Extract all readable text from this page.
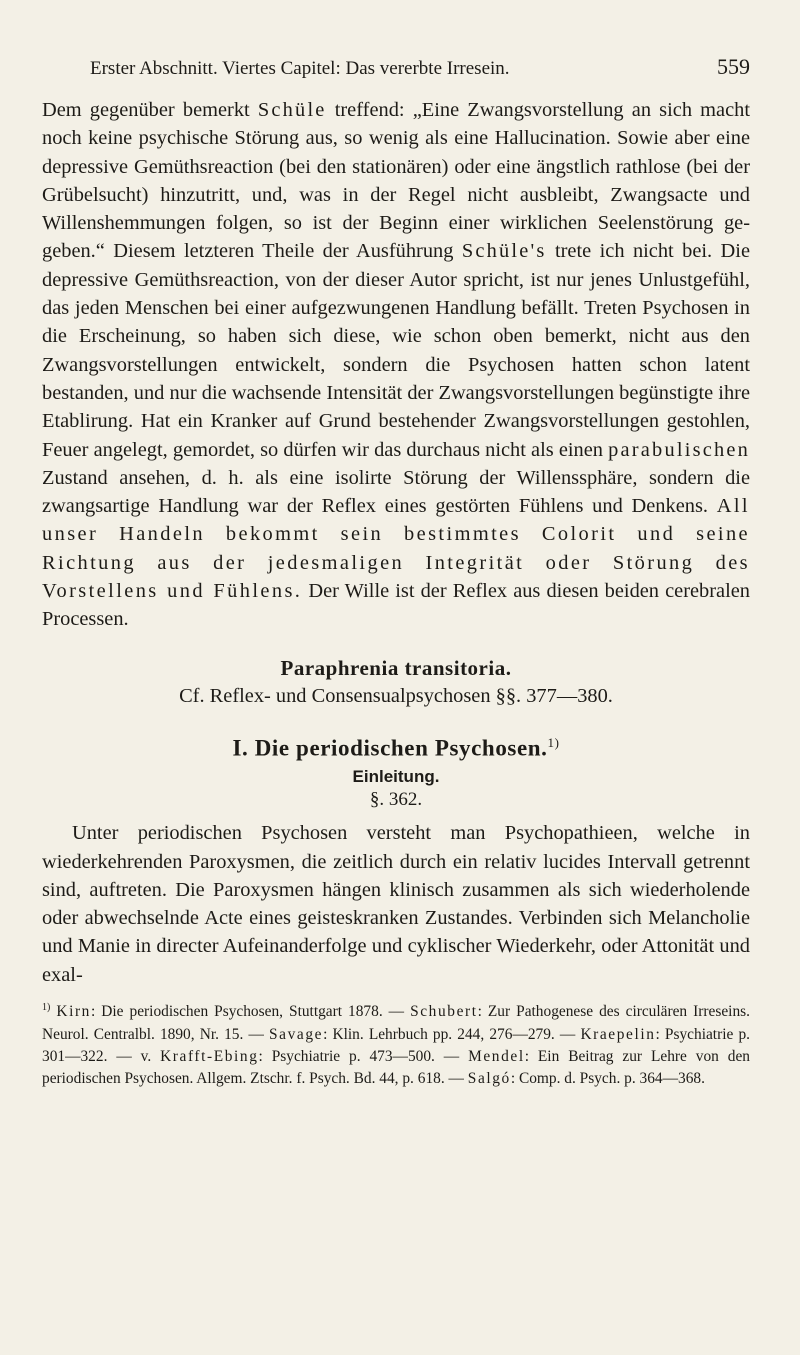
Erster Abschnitt. Viertes Capitel: Das vererbte Irresein.	559

Dem gegenüber bemerkt Schüle treffend: „Eine Zwangsvorstellung an sich macht noch keine psychische Störung aus, so wenig als eine Hallucination. Sowie aber eine depressive Gemüthsreaction (bei den stationären) oder eine ängstlich rathlose (bei der Grübelsucht) hinzutritt, und, was in der Regel nicht ausbleibt, Zwangsacte und Willenshemmungen folgen, so ist der Beginn einer wirklichen Seelenstörung gegeben.“ Diesem letzteren Theile der Ausführung Schüle's trete ich nicht bei. Die depressive Gemüthsreaction, von der dieser Autor spricht, ist nur jenes Unlustgefühl, das jeden Menschen bei einer aufgezwungenen Handlung befällt. Treten Psychosen in die Erscheinung, so haben sich diese, wie schon oben bemerkt, nicht aus den Zwangsvorstellungen entwickelt, sondern die Psychosen hatten schon latent bestanden, und nur die wachsende Intensität der Zwangsvorstellungen begünstigte ihre Etablirung. Hat ein Kranker auf Grund bestehender Zwangsvorstellungen gestohlen, Feuer angelegt, gemordet, so dürfen wir das durchaus nicht als einen parabulischen Zustand ansehen, d. h. als eine isolirte Störung der Willenssphäre, sondern die zwangsartige Handlung war der Reflex eines gestörten Fühlens und Denkens. All unser Handeln bekommt sein bestimmtes Colorit und seine Richtung aus der jedesmaligen Integrität oder Störung des Vorstellens und Fühlens. Der Wille ist der Reflex aus diesen beiden cerebralen Processen.

Paraphrenia transitoria.
Cf. Reflex- und Consensualpsychosen §§. 377—380.
I. Die periodischen Psychosen.$^{1)}$
Einleitung.
§. 362.

Unter periodischen Psychosen versteht man Psychopathieen, welche in wiederkehrenden Paroxysmen, die zeitlich durch ein relativ lucides Intervall getrennt sind, auftreten. Die Paroxysmen hängen klinisch zusammen als sich wiederholende oder abwechselnde Acte eines geisteskranken Zustandes. Verbinden sich Melancholie und Manie in directer Aufeinanderfolge und cyklischer Wiederkehr, oder Attonität und exal-

$^{1)}$ Kirn: Die periodischen Psychosen, Stuttgart 1878. — Schubert: Zur Pathogenese des circulären Irreseins. Neurol. Centralbl. 1890, Nr. 15. — Savage: Klin. Lehrbuch pp. 244, 276—279. — Kraepelin: Psychiatrie p. 301—322. — v. Krafft-Ebing: Psychiatrie p. 473—500. — Mendel: Ein Beitrag zur Lehre von den periodischen Psychosen. Allgem. Ztschr. f. Psych. Bd. 44, p. 618. — Salgó: Comp. d. Psych. p. 364—368.
